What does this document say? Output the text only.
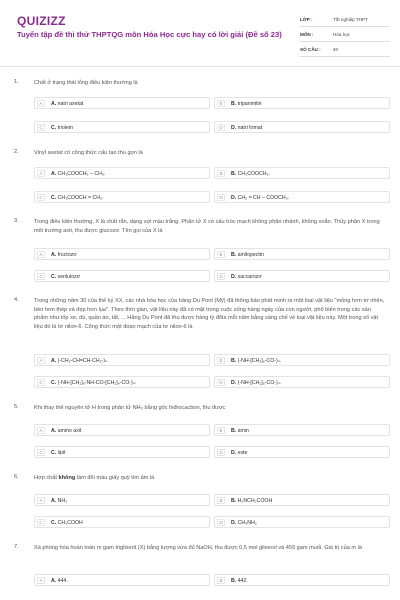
QUIZIZZ
Tuyển tập đề thi thử THPTQG môn Hóa Học cực hay có lời giải (Đề số 23)
LỚP :	Tốt nghiệp THPT
MÔN :	Hóa học
SỐ CÂU :	40
1.	Chất ở trạng thái lỏng điều kiện thường là
A	A. natri axetat	B	B. tripanmitin
C	C. triolein	D	D. natri fomat
2.	Vinyl axetat có công thức cấu tạo thu gọn là
A	A. CH₃COOCH₂ – CH₃.	B	B. CH₃COOCH₃.
C	C. CH₃COOCH = CH₂.	D	D. CH₂ = CH – COOCH₃.
3.	Trong điều kiện thường, X là chất rắn, dạng sợi màu trắng. Phân tử X có cấu trúc mạch không phân nhánh, không xoắn. Thủy phân X trong môi trường axit, thu được glucozơ. Tên gọi của X là
A	A. fructozơ	B	B. amilopectin
C	C. xenlulozơ	D	D. saccarozơ
4.	Trong những năm 30 của thế kỷ XX, các nhà hóa học của hãng Du Pont (Mỹ) đã thông báo phát minh ra một loại vật liệu "mỏng hơn tơ nhện, bền hơn thép và đẹp hơn lụa". Theo thời gian, vật liệu này đã có mặt trong cuộc sống hàng ngày của con người, phổ biến trong các sản phẩm như lốp xe, dù, quần áo, tất, ... Hãng Du Pont đã thu được hàng tỷ đôla mỗi năm bằng sáng chế về loại vật liệu này. Một trong số vật liệu đó là tơ nilon-6. Công thức một đoạn mạch của tơ nilon-6 là
A	A. (-CH₂-CH=CH-CH₂-)ₙ.	B	B. (-NH-[CH₂]₆-CO-)ₙ.
C	C. (-NH-[CH₂]₆-NH-CO-[CH₂]₄-CO-)ₙ.	D	D. (-NH-[CH₂]₅-CO-)ₙ.
5.	Khi thay thế nguyên tử H trong phân tử NH₃ bằng gốc hiđrocacbon, thu được
A	A. amino axit	B	B. amin
C	C. lipit	D	D. este
6.	Hợp chất không làm đổi màu giấy quỳ tím ẩm là
A	A. NH₃	B	B. H₂NCH₂COOH
C	C. CH₃COOH	D	D. CH₃NH₂
7.	Xà phòng hóa hoàn toàn m gam triglixerit (X) bằng lượng vừa đủ NaOH, thu được 0,5 mol glixerol và 459 gam muối. Giá trị của m là
A	A. 444.	B	B. 442.
